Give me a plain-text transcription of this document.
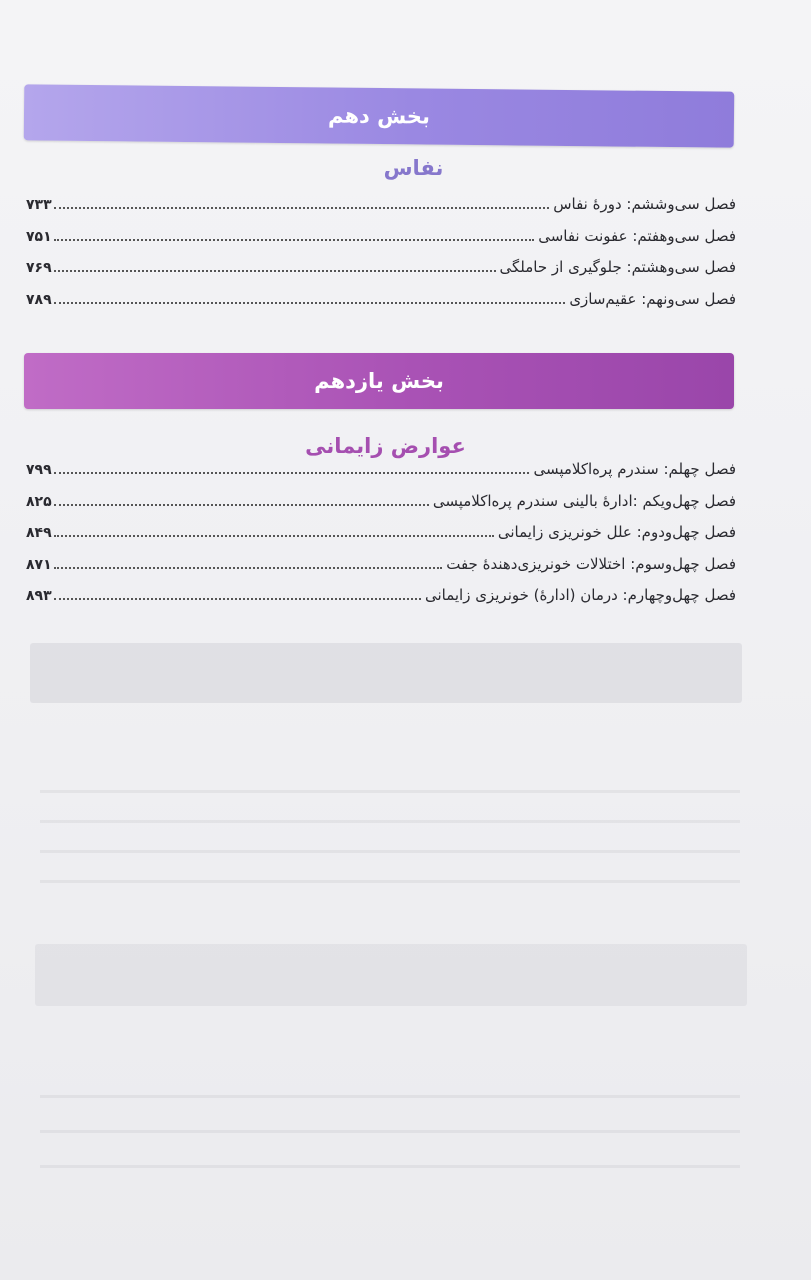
بخش دهم
نفاس
فصل سی‌وششم: دورهٔ نفاس
۷۳۳
فصل سی‌وهفتم: عفونت نفاسی
۷۵۱
فصل سی‌وهشتم: جلوگیری از حاملگی
۷۶۹
فصل سی‌ونهم: عقیم‌سازی
۷۸۹
بخش یازدهم
عوارض زایمانی
فصل چهلم: سندرم پره‌اکلامپسی
۷۹۹
فصل چهل‌ویکم :ادارهٔ بالینی سندرم پره‌اکلامپسی
۸۲۵
فصل چهل‌ودوم: علل خونریزی زایمانی
۸۴۹
فصل چهل‌وسوم: اختلالات خونریزی‌دهندهٔ جفت
۸۷۱
فصل چهل‌وچهارم: درمان (ادارهٔ) خونریزی زایمانی
۸۹۳
